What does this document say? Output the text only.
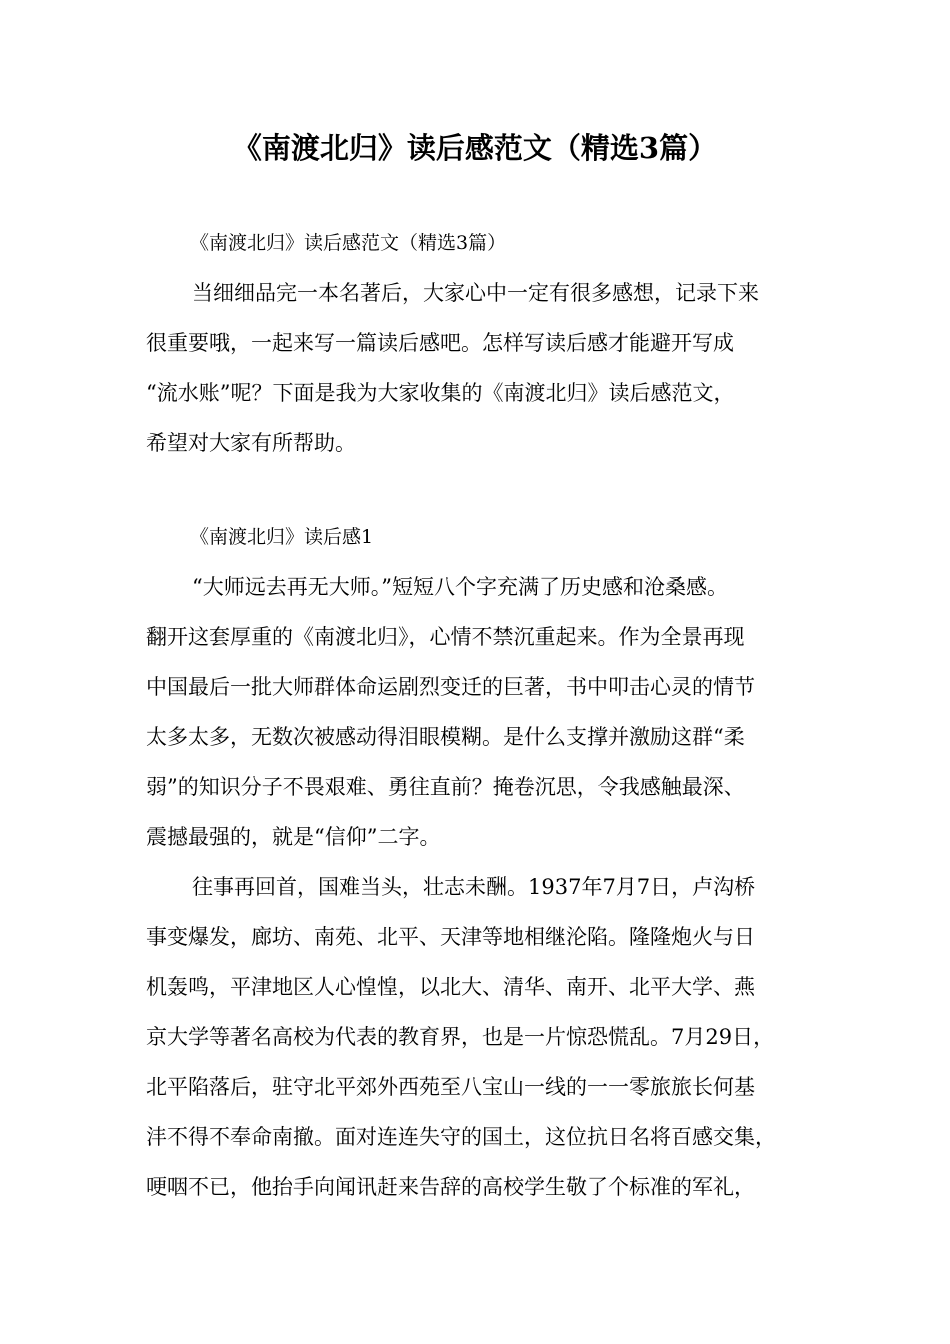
《南渡北归》读后感范文（精选3篇）
《南渡北归》读后感范文（精选3篇）
当细细品完一本名著后，大家心中一定有很多感想，记录下来
很重要哦，一起来写一篇读后感吧。怎样写读后感才能避开写成
“流水账”呢？下面是我为大家收集的《南渡北归》读后感范文，
希望对大家有所帮助。
《南渡北归》读后感1
“大师远去再无大师。”短短八个字充满了历史感和沧桑感。
翻开这套厚重的《南渡北归》，心情不禁沉重起来。作为全景再现
中国最后一批大师群体命运剧烈变迁的巨著，书中叩击心灵的情节
太多太多，无数次被感动得泪眼模糊。是什么支撑并激励这群“柔
弱”的知识分子不畏艰难、勇往直前？掩卷沉思，令我感触最深、
震撼最强的，就是“信仰”二字。
往事再回首，国难当头，壮志未酬。1937年7月7日，卢沟桥
事变爆发，廊坊、南苑、北平、天津等地相继沦陷。隆隆炮火与日
机轰鸣，平津地区人心惶惶，以北大、清华、南开、北平大学、燕
京大学等著名高校为代表的教育界，也是一片惊恐慌乱。7月29日，
北平陷落后，驻守北平郊外西苑至八宝山一线的一一零旅旅长何基
沣不得不奉命南撤。面对连连失守的国土，这位抗日名将百感交集，
哽咽不已，他抬手向闻讯赶来告辞的高校学生敬了个标准的军礼，
